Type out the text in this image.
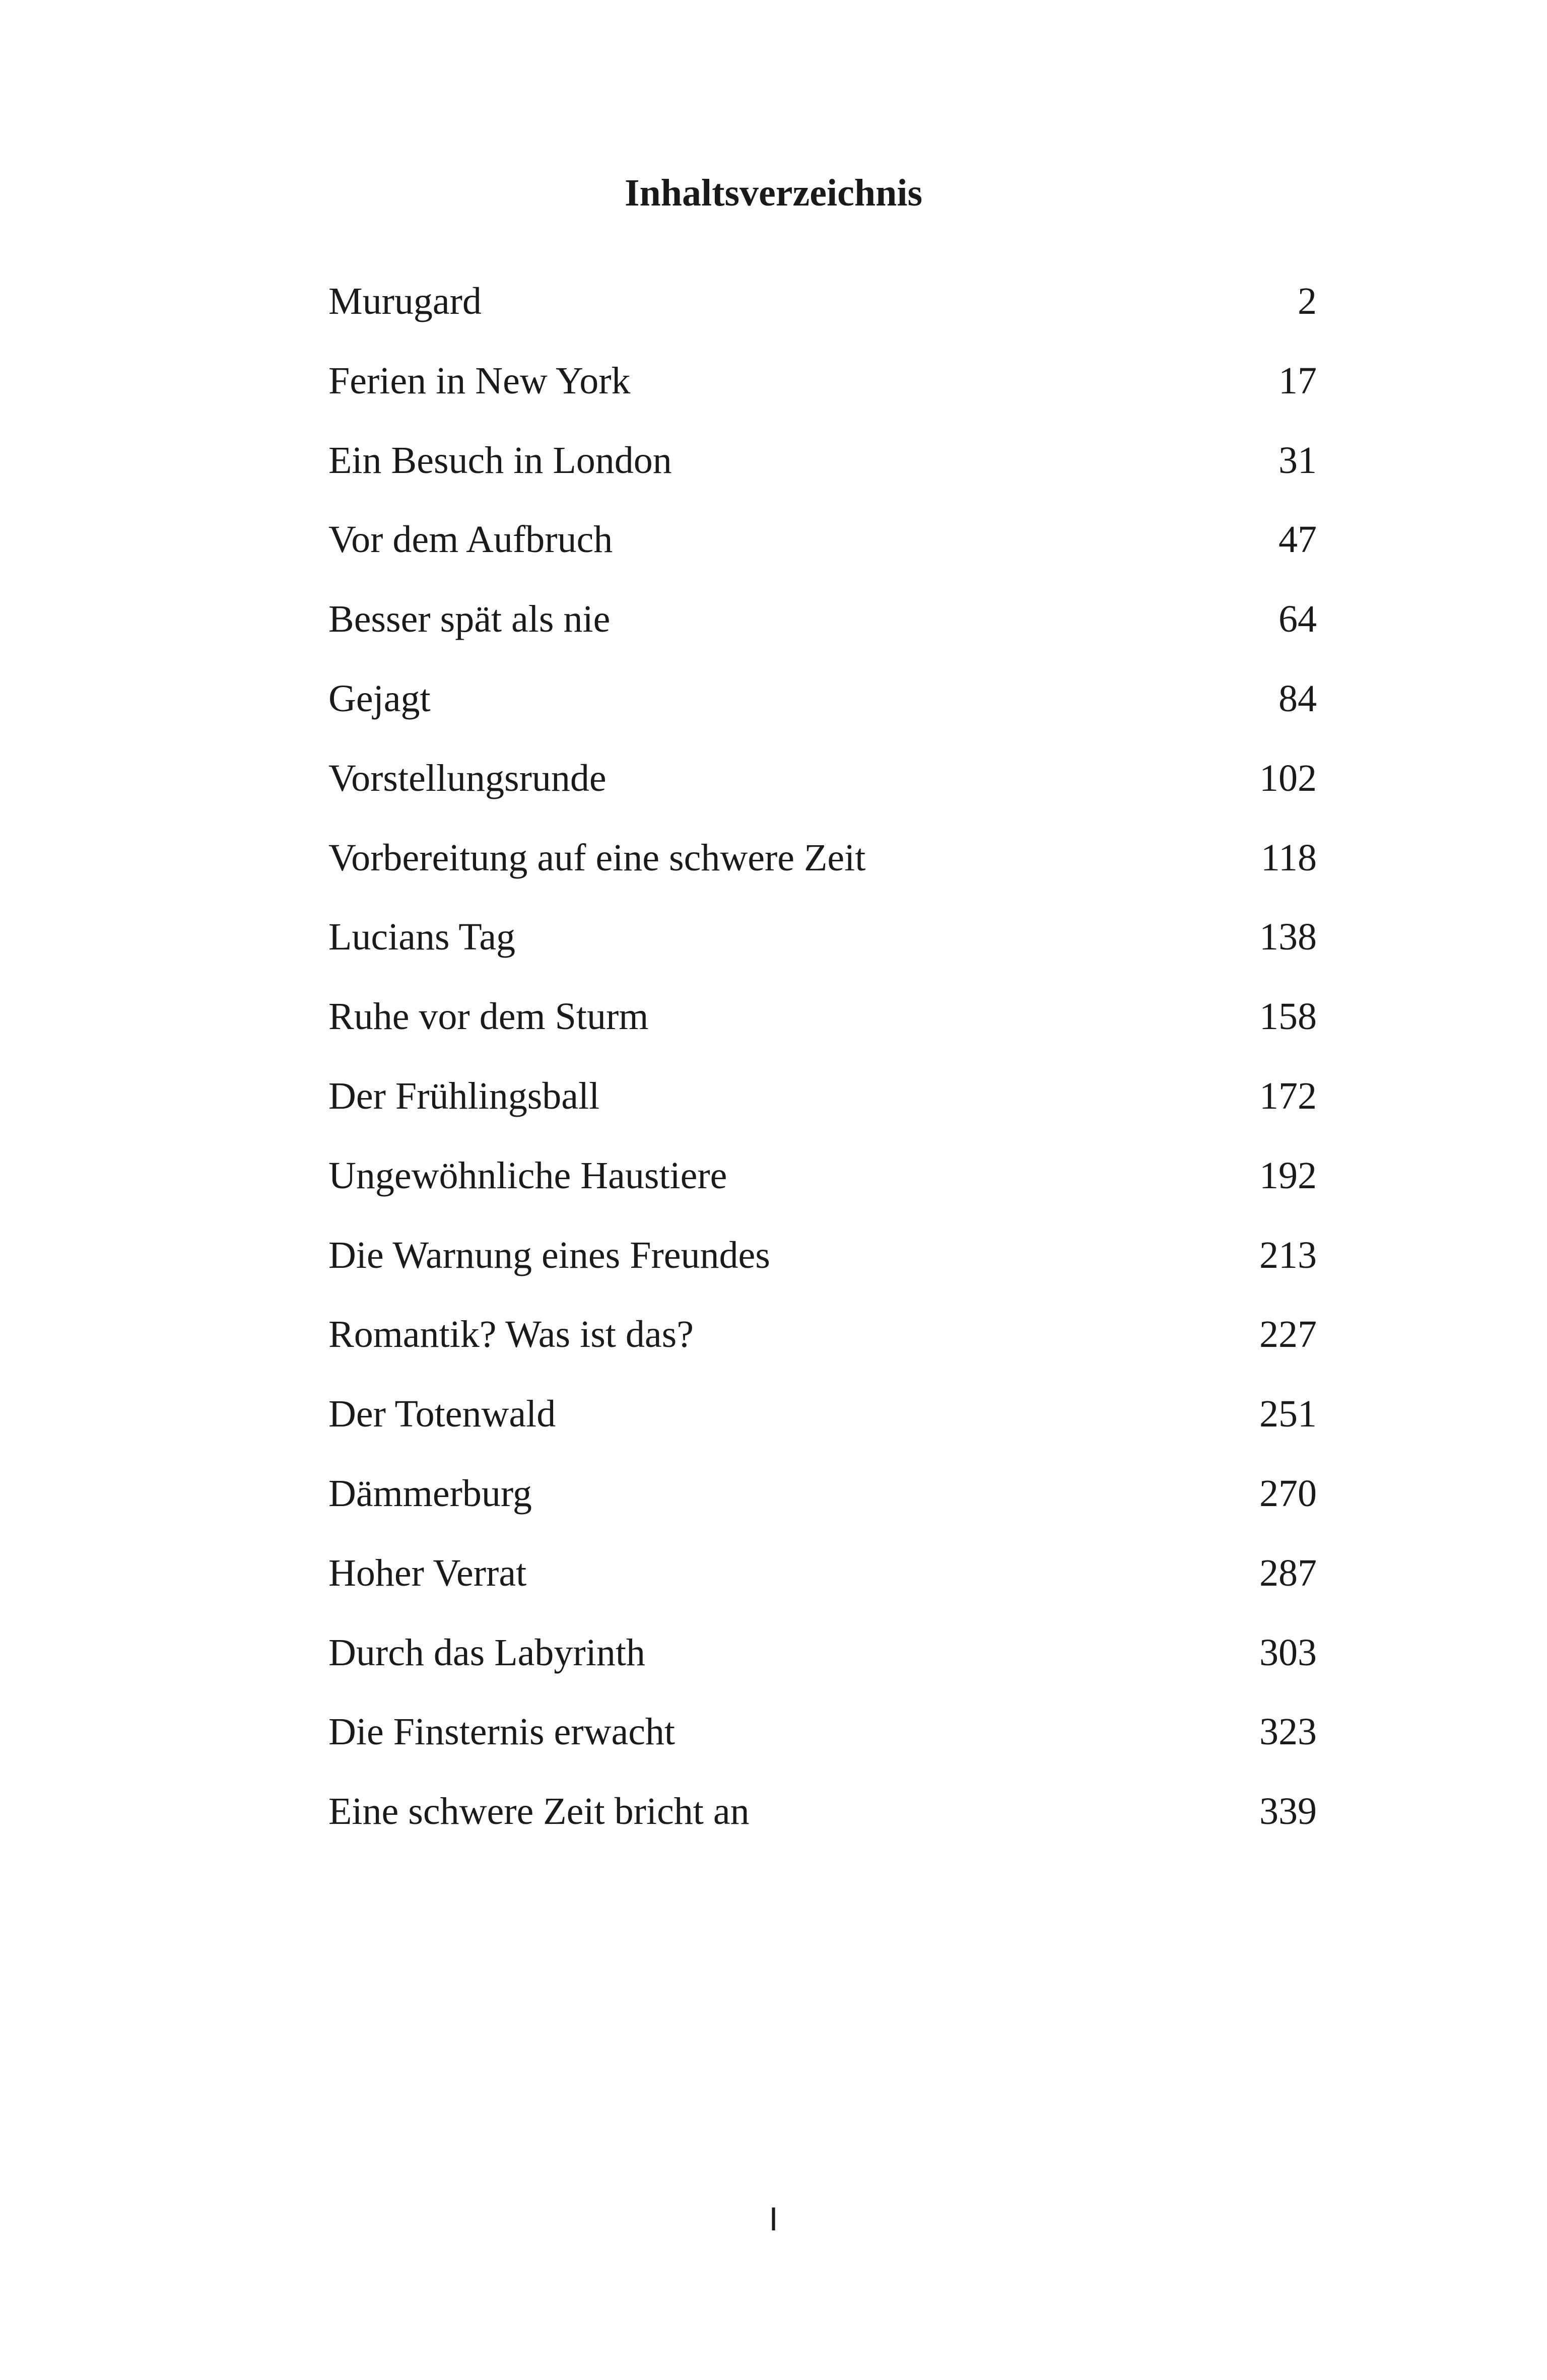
Inhaltsverzeichnis
Murugard	2
Ferien in New York	17
Ein Besuch in London	31
Vor dem Aufbruch	47
Besser spät als nie	64
Gejagt	84
Vorstellungsrunde	102
Vorbereitung auf eine schwere Zeit	118
Lucians Tag	138
Ruhe vor dem Sturm	158
Der Frühlingsball	172
Ungewöhnliche Haustiere	192
Die Warnung eines Freundes	213
Romantik? Was ist das?	227
Der Totenwald	251
Dämmerburg	270
Hoher Verrat	287
Durch das Labyrinth	303
Die Finsternis erwacht	323
Eine schwere Zeit bricht an	339
I
